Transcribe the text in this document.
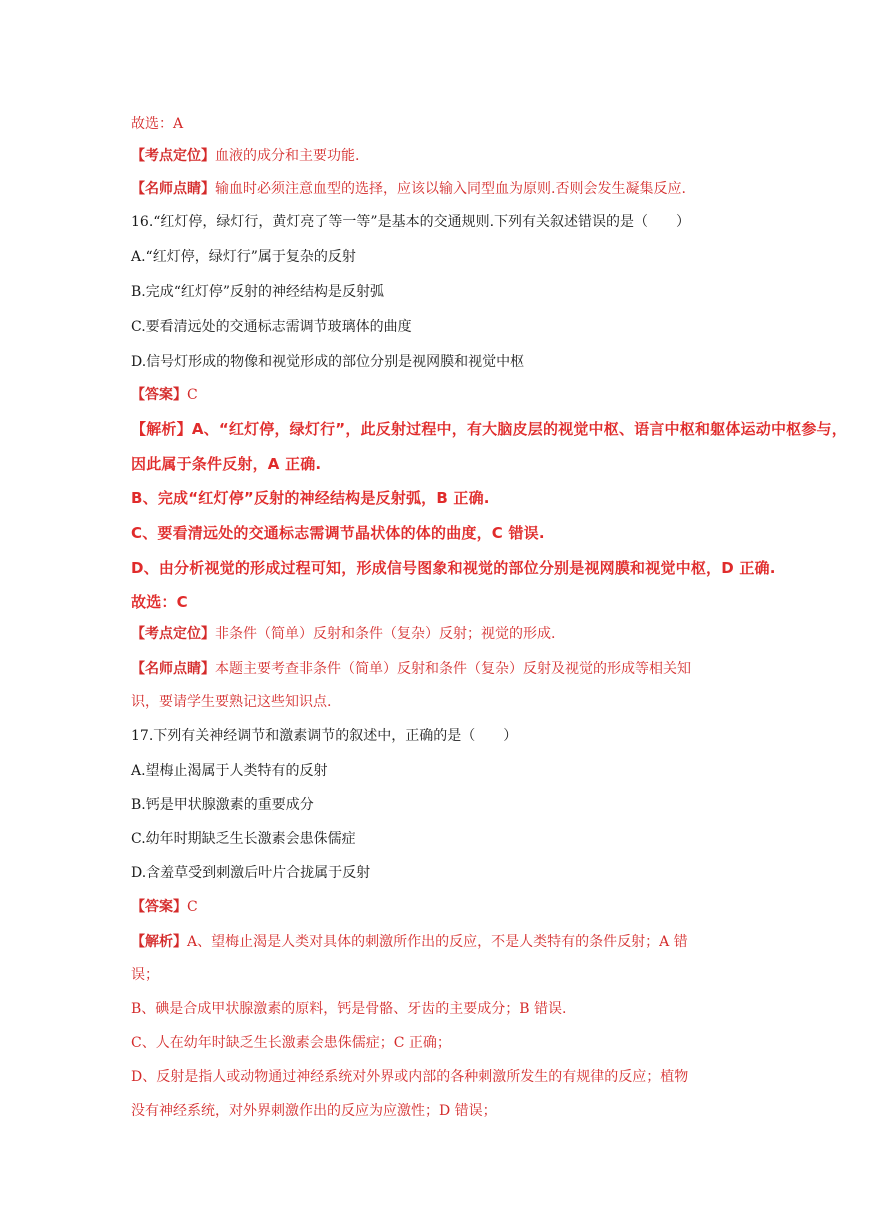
故选：A
【考点定位】血液的成分和主要功能.
【名师点睛】输血时必须注意血型的选择，应该以输入同型血为原则.否则会发生凝集反应.
16.“红灯停，绿灯行，黄灯亮了等一等”是基本的交通规则.下列有关叙述错误的是（　　）
A.“红灯停，绿灯行”属于复杂的反射
B.完成“红灯停”反射的神经结构是反射弧
C.要看清远处的交通标志需调节玻璃体的曲度
D.信号灯形成的物像和视觉形成的部位分别是视网膜和视觉中枢
【答案】C
【解析】A、“红灯停，绿灯行”，此反射过程中，有大脑皮层的视觉中枢、语言中枢和躯体运动中枢参与，
因此属于条件反射，A 正确.
B、完成“红灯停”反射的神经结构是反射弧，B 正确.
C、要看清远处的交通标志需调节晶状体的体的曲度，C 错误.
D、由分析视觉的形成过程可知，形成信号图象和视觉的部位分别是视网膜和视觉中枢，D 正确.
故选：C
【考点定位】非条件（简单）反射和条件（复杂）反射；视觉的形成.
【名师点睛】本题主要考查非条件（简单）反射和条件（复杂）反射及视觉的形成等相关知
识，要请学生要熟记这些知识点.
17.下列有关神经调节和激素调节的叙述中，正确的是（　　）
A.望梅止渴属于人类特有的反射
B.钙是甲状腺激素的重要成分
C.幼年时期缺乏生长激素会患侏儒症
D.含羞草受到刺激后叶片合拢属于反射
【答案】C
【解析】A、望梅止渴是人类对具体的刺激所作出的反应，不是人类特有的条件反射；A 错
误；
B、碘是合成甲状腺激素的原料，钙是骨骼、牙齿的主要成分；B 错误.
C、人在幼年时缺乏生长激素会患侏儒症；C 正确；
D、反射是指人或动物通过神经系统对外界或内部的各种刺激所发生的有规律的反应；植物
没有神经系统，对外界刺激作出的反应为应激性；D 错误；
